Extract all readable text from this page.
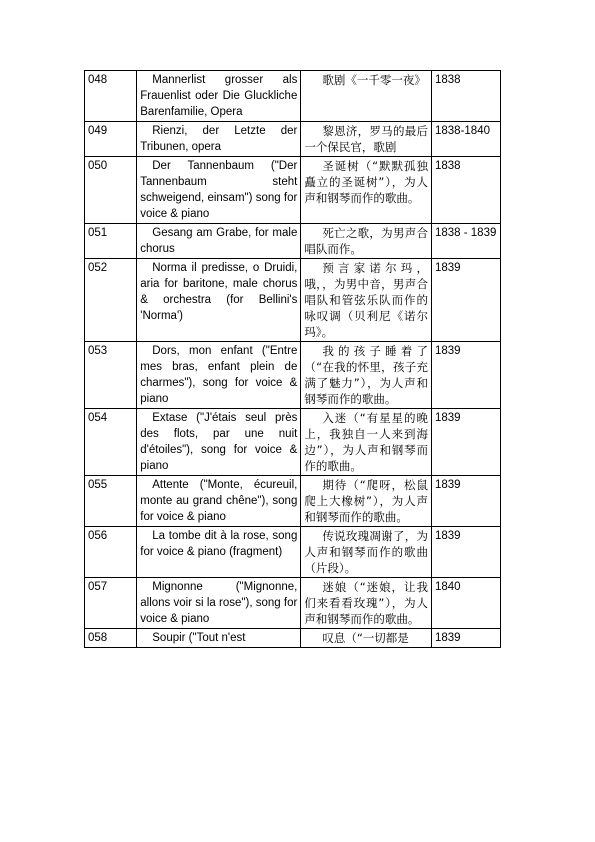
048	Mannerlist grosser als Frauenlist oder Die Gluckliche Barenfamilie, Opera	歌剧《一千零一夜》	1838
049	Rienzi, der Letzte der Tribunen, opera	黎恩济，罗马的最后一个保民官，歌剧	1838-1840
050	Der Tannenbaum ("Der Tannenbaum steht schweigend, einsam") song for voice & piano	圣诞树（“默默孤独矗立的圣诞树”），为人声和钢琴而作的歌曲。	1838
051	Gesang am Grabe, for male chorus	死亡之歌，为男声合唱队而作。	1838 - 1839
052	Norma il predisse, o Druidi, aria for baritone, male chorus & orchestra (for Bellini's 'Norma')	预言家诺尔玛，哦，，为男中音，男声合唱队和管弦乐队而作的咏叹调（贝利尼《诺尔玛》。	1839
053	Dors, mon enfant ("Entre mes bras, enfant plein de charmes"), song for voice & piano	我的孩子睡着了（“在我的怀里，孩子充满了魅力”），为人声和钢琴而作的歌曲。	1839
054	Extase ("J'étais seul près des flots, par une nuit d'étoiles"), song for voice & piano	入迷（“有星星的晚上，我独自一人来到海边”），为人声和钢琴而作的歌曲。	1839
055	Attente ("Monte, écureuil, monte au grand chêne"), song for voice & piano	期待（“爬呀，松鼠爬上大橡树”），为人声和钢琴而作的歌曲。	1839
056	La tombe dit à la rose, song for voice & piano (fragment)	传说玫瑰凋谢了，为人声和钢琴而作的歌曲（片段）。	1839
057	Mignonne ("Mignonne, allons voir si la rose"), song for voice & piano	迷娘（“迷娘，让我们来看看玫瑰”），为人声和钢琴而作的歌曲。	1840
058	Soupir ("Tout n'est	叹息（“一切都是	1839
